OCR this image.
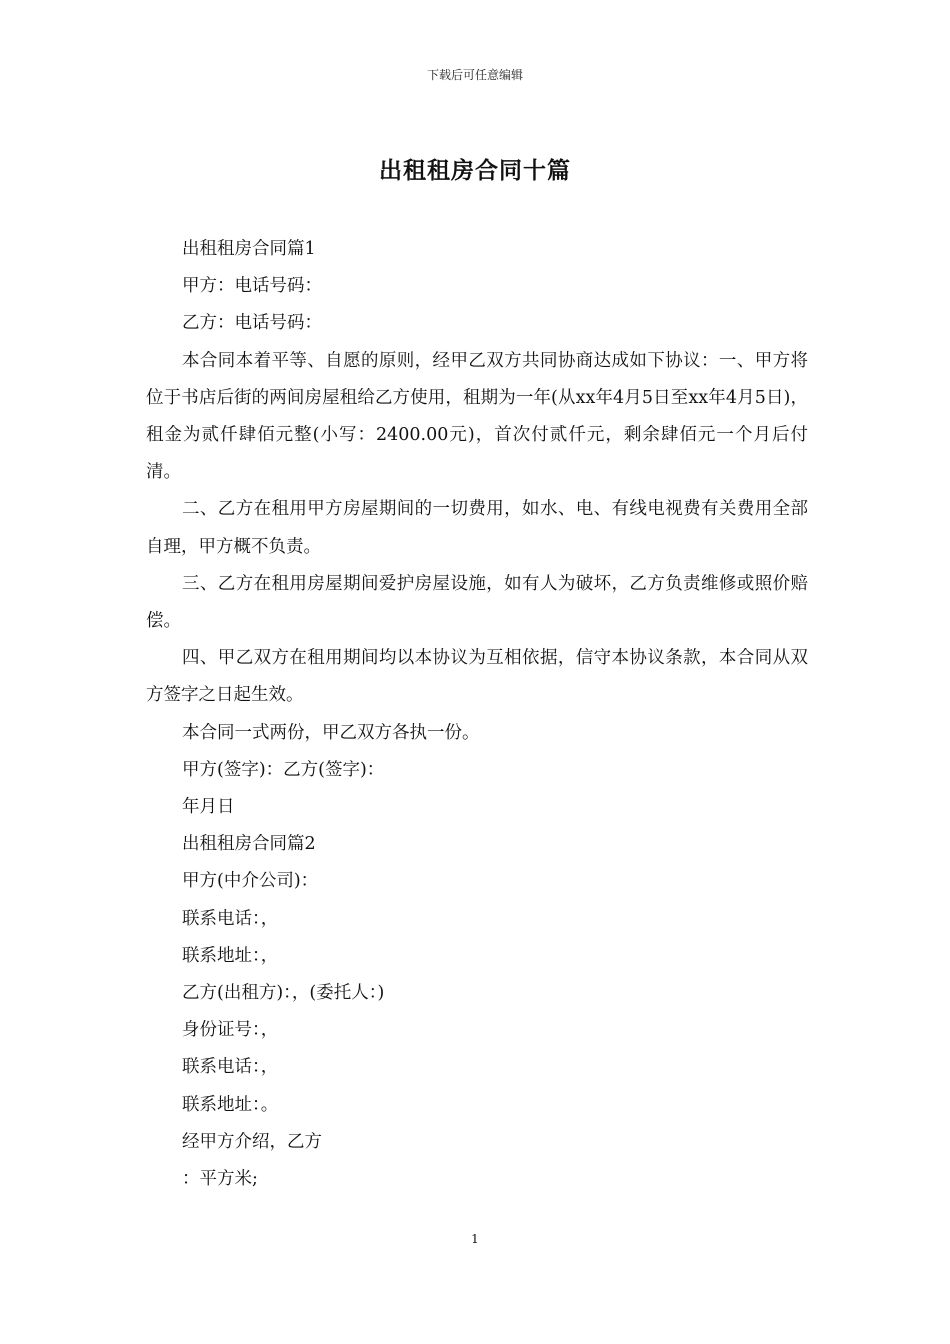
下载后可任意编辑
出租租房合同十篇

出租租房合同篇1

甲方：电话号码：

乙方：电话号码：

本合同本着平等、自愿的原则，经甲乙双方共同协商达成如下协议：一、甲方将位于书店后街的两间房屋租给乙方使用，租期为一年(从xx年4月5日至xx年4月5日)，租金为贰仟肆佰元整(小写：2400.00元)，首次付贰仟元，剩余肆佰元一个月后付清。

二、乙方在租用甲方房屋期间的一切费用，如水、电、有线电视费有关费用全部自理，甲方概不负责。

三、乙方在租用房屋期间爱护房屋设施，如有人为破坏，乙方负责维修或照价赔偿。

四、甲乙双方在租用期间均以本协议为互相依据，信守本协议条款，本合同从双方签字之日起生效。

本合同一式两份，甲乙双方各执一份。

甲方(签字)：乙方(签字)：

年月日

出租租房合同篇2

甲方(中介公司)：

联系电话：，

联系地址：，

乙方(出租方)：，(委托人：)

身份证号：，

联系电话：，

联系地址：。

经甲方介绍，乙方

：平方米;

1
